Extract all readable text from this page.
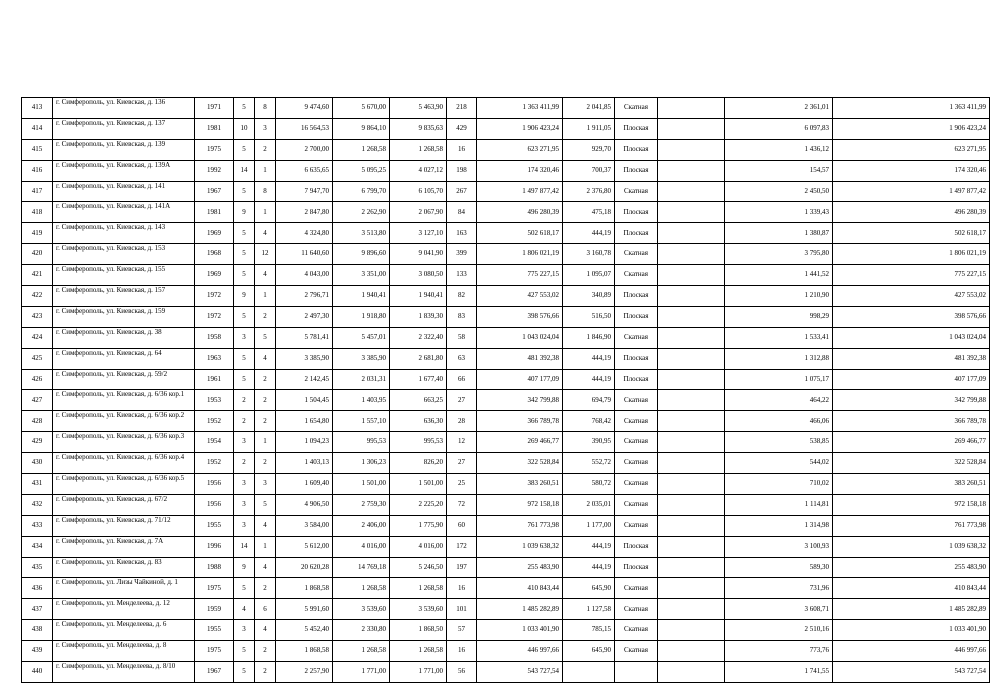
413	г. Симферополь, ул. Киевская, д. 136	1971	5	8	9 474,60	5 670,00	5 463,90	218	1 363 411,99	2 041,85	Скатная		2 361,01	1 363 411,99
414	г. Симферополь, ул. Киевская, д. 137	1981	10	3	16 564,53	9 864,10	9 835,63	429	1 906 423,24	1 911,05	Плоская		6 097,83	1 906 423,24
415	г. Симферополь, ул. Киевская, д. 139	1975	5	2	2 700,00	1 268,58	1 268,58	16	623 271,95	929,70	Плоская		1 436,12	623 271,95
416	г. Симферополь, ул. Киевская, д. 139А	1992	14	1	6 635,65	5 095,25	4 027,12	198	174 320,46	700,37	Плоская		154,57	174 320,46
417	г. Симферополь, ул. Киевская, д. 141	1967	5	8	7 947,70	6 799,70	6 105,70	267	1 497 877,42	2 376,80	Скатная		2 450,50	1 497 877,42
418	г. Симферополь, ул. Киевская, д. 141А	1981	9	1	2 847,80	2 262,90	2 067,90	84	496 280,39	475,18	Плоская		1 339,43	496 280,39
419	г. Симферополь, ул. Киевская, д. 143	1969	5	4	4 324,80	3 513,80	3 127,10	163	502 618,17	444,19	Плоская		1 380,87	502 618,17
420	г. Симферополь, ул. Киевская, д. 153	1968	5	12	11 640,60	9 896,60	9 041,90	399	1 806 021,19	3 160,78	Скатная		3 795,80	1 806 021,19
421	г. Симферополь, ул. Киевская, д. 155	1969	5	4	4 043,00	3 351,00	3 080,50	133	775 227,15	1 095,07	Скатная		1 441,52	775 227,15
422	г. Симферополь, ул. Киевская, д. 157	1972	9	1	2 796,71	1 940,41	1 940,41	82	427 553,02	340,89	Плоская		1 210,90	427 553,02
423	г. Симферополь, ул. Киевская, д. 159	1972	5	2	2 497,30	1 918,80	1 839,30	83	398 576,66	516,50	Плоская		998,29	398 576,66
424	г. Симферополь, ул. Киевская, д. 38	1958	3	5	5 781,41	5 457,01	2 322,40	58	1 043 024,04	1 846,90	Скатная		1 533,41	1 043 024,04
425	г. Симферополь, ул. Киевская, д. 64	1963	5	4	3 385,90	3 385,90	2 681,80	63	481 392,38	444,19	Плоская		1 312,88	481 392,38
426	г. Симферополь, ул. Киевская, д. 59/2	1961	5	2	2 142,45	2 031,31	1 677,40	66	407 177,09	444,19	Плоская		1 075,17	407 177,09
427	г. Симферополь, ул. Киевская, д. 6/36 кор.1	1953	2	2	1 504,45	1 403,95	663,25	27	342 799,88	694,79	Скатная		464,22	342 799,88
428	г. Симферополь, ул. Киевская, д. 6/36 кор.2	1952	2	2	1 654,80	1 557,10	636,30	28	366 789,78	768,42	Скатная		466,06	366 789,78
429	г. Симферополь, ул. Киевская, д. 6/36 кор.3	1954	3	1	1 094,23	995,53	995,53	12	269 466,77	390,95	Скатная		538,85	269 466,77
430	г. Симферополь, ул. Киевская, д. 6/36 кор.4	1952	2	2	1 403,13	1 306,23	826,20	27	322 528,84	552,72	Скатная		544,02	322 528,84
431	г. Симферополь, ул. Киевская, д. 6/36 кор.5	1956	3	3	1 609,40	1 501,00	1 501,00	25	383 260,51	580,72	Скатная		710,02	383 260,51
432	г. Симферополь, ул. Киевская, д. 67/2	1956	3	5	4 906,50	2 759,30	2 225,20	72	972 158,18	2 035,01	Скатная		1 114,81	972 158,18
433	г. Симферополь, ул. Киевская, д. 71/12	1955	3	4	3 584,00	2 406,00	1 775,90	60	761 773,98	1 177,00	Скатная		1 314,98	761 773,98
434	г. Симферополь, ул. Киевская, д. 7А	1996	14	1	5 612,00	4 016,00	4 016,00	172	1 039 638,32	444,19	Плоская		3 100,93	1 039 638,32
435	г. Симферополь, ул. Киевская, д. 83	1988	9	4	20 620,28	14 769,18	5 246,50	197	255 483,90	444,19	Плоская		589,30	255 483,90
436	г. Симферополь, ул. Лизы Чайкиной, д. 1	1975	5	2	1 868,58	1 268,58	1 268,58	16	410 843,44	645,90	Скатная		731,96	410 843,44
437	г. Симферополь, ул. Менделеева, д. 12	1959	4	6	5 991,60	3 539,60	3 539,60	101	1 485 282,89	1 127,58	Скатная		3 608,71	1 485 282,89
438	г. Симферополь, ул. Менделеева, д. 6	1955	3	4	5 452,40	2 330,80	1 868,50	57	1 033 401,90	785,15	Скатная		2 510,16	1 033 401,90
439	г. Симферополь, ул. Менделеева, д. 8	1975	5	2	1 868,58	1 268,58	1 268,58	16	446 997,66	645,90	Скатная		773,76	446 997,66
440	г. Симферополь, ул. Менделеева, д. 8/10	1967	5	2	2 257,90	1 771,00	1 771,00	56	543 727,54				1 741,55	543 727,54
